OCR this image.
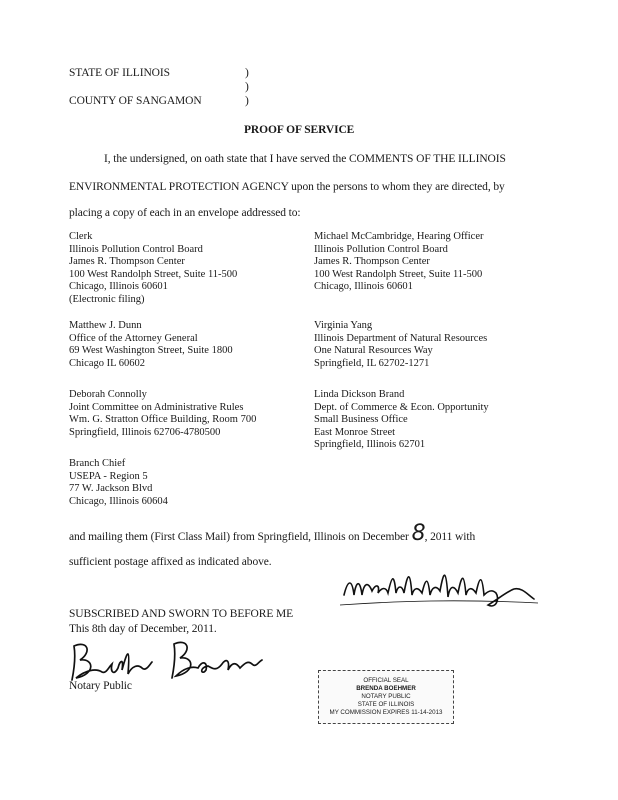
STATE OF ILLINOIS	)
)
COUNTY OF SANGAMON	)
PROOF OF SERVICE
I, the undersigned, on oath state that I have served the COMMENTS OF THE ILLINOIS
ENVIRONMENTAL PROTECTION AGENCY upon the persons to whom they are directed, by
placing a copy of each in an envelope addressed to:
Clerk
Illinois Pollution Control Board
James R. Thompson Center
100 West Randolph Street, Suite 11-500
Chicago, Illinois 60601
(Electronic filing)
Matthew J. Dunn
Office of the Attorney General
69 West Washington Street, Suite 1800
Chicago IL 60602
Deborah Connolly
Joint Committee on Administrative Rules
Wm. G. Stratton Office Building, Room 700
Springfield, Illinois 62706-4780500
Branch Chief
USEPA - Region 5
77 W. Jackson Blvd
Chicago, Illinois 60604
Michael McCambridge, Hearing Officer
Illinois Pollution Control Board
James R. Thompson Center
100 West Randolph Street, Suite 11-500
Chicago, Illinois 60601
Virginia Yang
Illinois Department of Natural Resources
One Natural Resources Way
Springfield, IL 62702-1271
Linda Dickson Brand
Dept. of Commerce & Econ. Opportunity
Small Business Office
East Monroe Street
Springfield, Illinois 62701
and mailing them (First Class Mail) from Springfield, Illinois on December 8, 2011 with
sufficient postage affixed as indicated above.
SUBSCRIBED AND SWORN TO BEFORE ME
This 8th day of December, 2011.
Notary Public	OFFICIAL SEAL
BRENDA BOEHMER
NOTARY PUBLIC
STATE OF ILLINOIS
MY COMMISSION EXPIRES 11-14-2013
